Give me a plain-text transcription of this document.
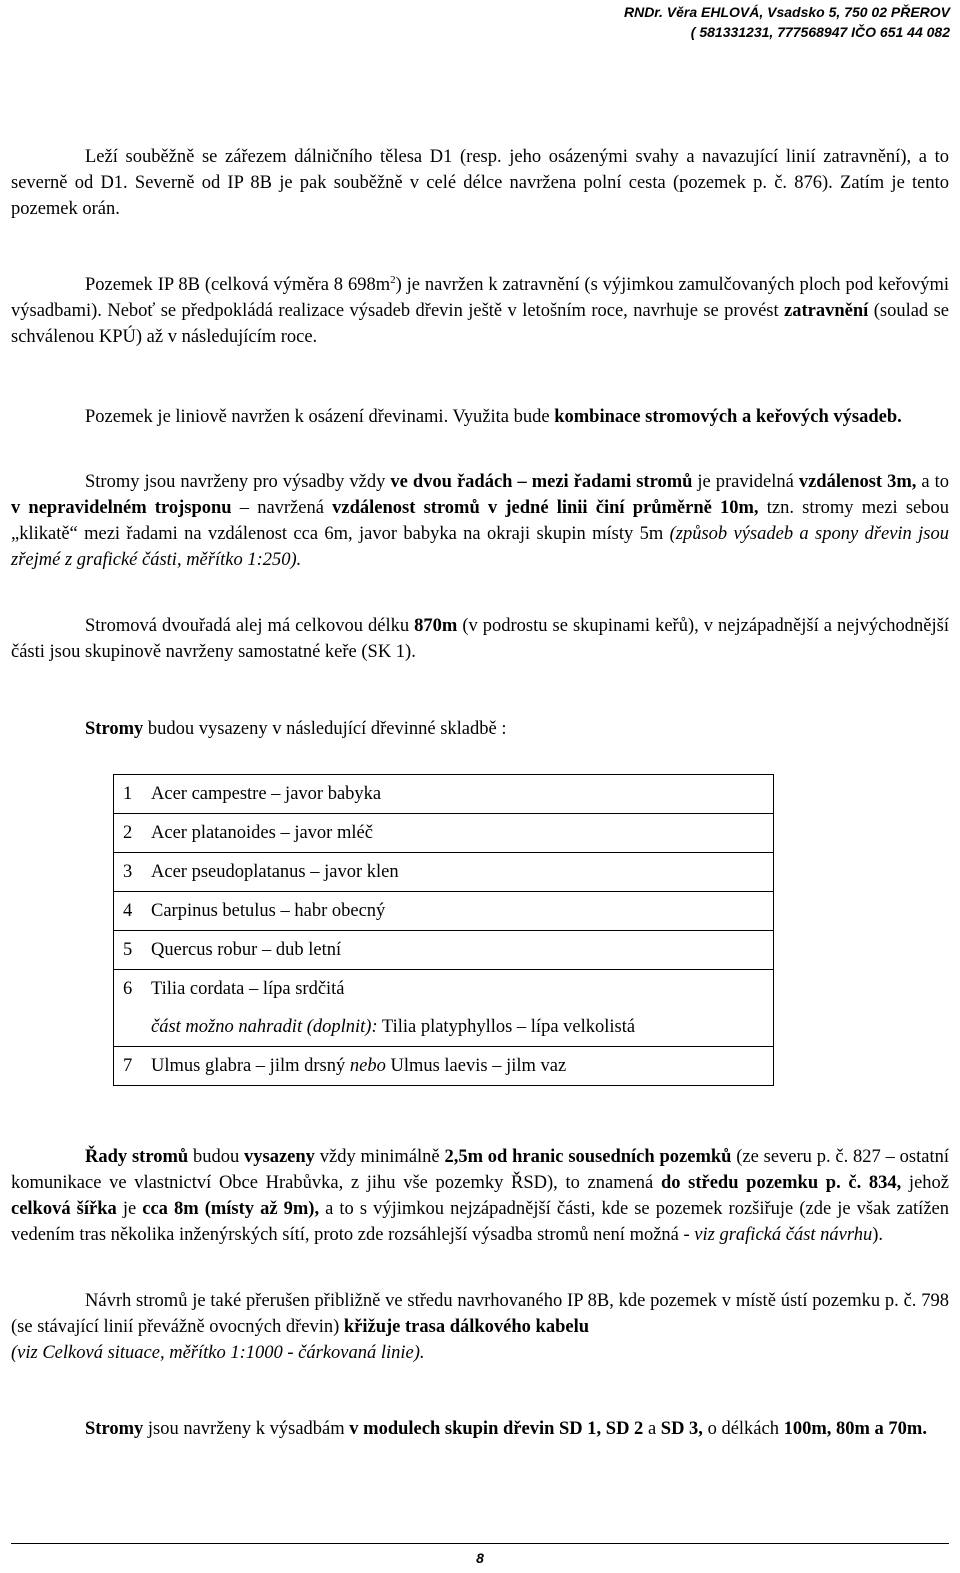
RNDr. Věra EHLOVÁ, Vsadsko 5, 750 02 PŘEROV
( 581331231, 777568947 IČO 651 44 082
Leží souběžně se zářezem dálničního tělesa D1 (resp. jeho osázenými svahy a navazující linií zatravnění), a to severně od D1. Severně od IP 8B je pak souběžně v celé délce navržena polní cesta (pozemek p. č. 876). Zatím je tento pozemek orán.
Pozemek IP 8B (celková výměra 8 $698m^2$) je navržen k zatravnění (s výjimkou zamulčovaných ploch pod keřovými výsadbami). Neboť se předpokládá realizace výsadeb dřevin ještě v letošním roce, navrhuje se provést zatravnění (soulad se schválenou KPÚ) až v následujícím roce.
Pozemek je liniově navržen k osázení dřevinami. Využita bude kombinace stromových a keřových výsadeb.
Stromy jsou navrženy pro výsadby vždy ve dvou řadách – mezi řadami stromů je pravidelná vzdálenost 3m, a to v nepravidelném trojsponu – navržená vzdálenost stromů v jedné linii činí průměrně 10m, tzn. stromy mezi sebou „klikatě“ mezi řadami na vzdálenost cca 6m, javor babyka na okraji skupin místy 5m (způsob výsadeb a spony dřevin jsou zřejmé z grafické části, měřítko 1:250).
Stromová dvouřadá alej má celkovou délku 870m (v podrostu se skupinami keřů), v nejzápadnější a nejvýchodnější části jsou skupinově navrženy samostatné keře (SK 1).
Stromy budou vysazeny v následující dřevinné skladbě :
1 Acer campestre – javor babyka
2 Acer platanoides – javor mléč
3 Acer pseudoplatanus – javor klen
4 Carpinus betulus – habr obecný
5 Quercus robur – dub letní
6 Tilia cordata – lípa srdčitá
část možno nahradit (doplnit): Tilia platyphyllos – lípa velkolistá
7 Ulmus glabra – jilm drsný nebo Ulmus laevis – jilm vaz
Řady stromů budou vysazeny vždy minimálně 2,5m od hranic sousedních pozemků (ze severu p. č. 827 – ostatní komunikace ve vlastnictví Obce Hrabůvka, z jihu vše pozemky ŘSD), to znamená do středu pozemku p. č. 834, jehož celková šířka je cca 8m (místy až 9m), a to s výjimkou nejzápadnější části, kde se pozemek rozšiřuje (zde je však zatížen vedením tras několika inženýrských sítí, proto zde rozsáhlejší výsadba stromů není možná - viz grafická část návrhu).
Návrh stromů je také přerušen přibližně ve středu navrhovaného IP 8B, kde pozemek v místě ústí pozemku p. č. 798 (se stávající linií převážně ovocných dřevin) křižuje trasa dálkového kabelu
(viz Celková situace, měřítko 1:1000 - čárkovaná linie).
Stromy jsou navrženy k výsadbám v modulech skupin dřevin SD 1, SD 2 a SD 3, o délkách 100m, 80m a 70m.
8
